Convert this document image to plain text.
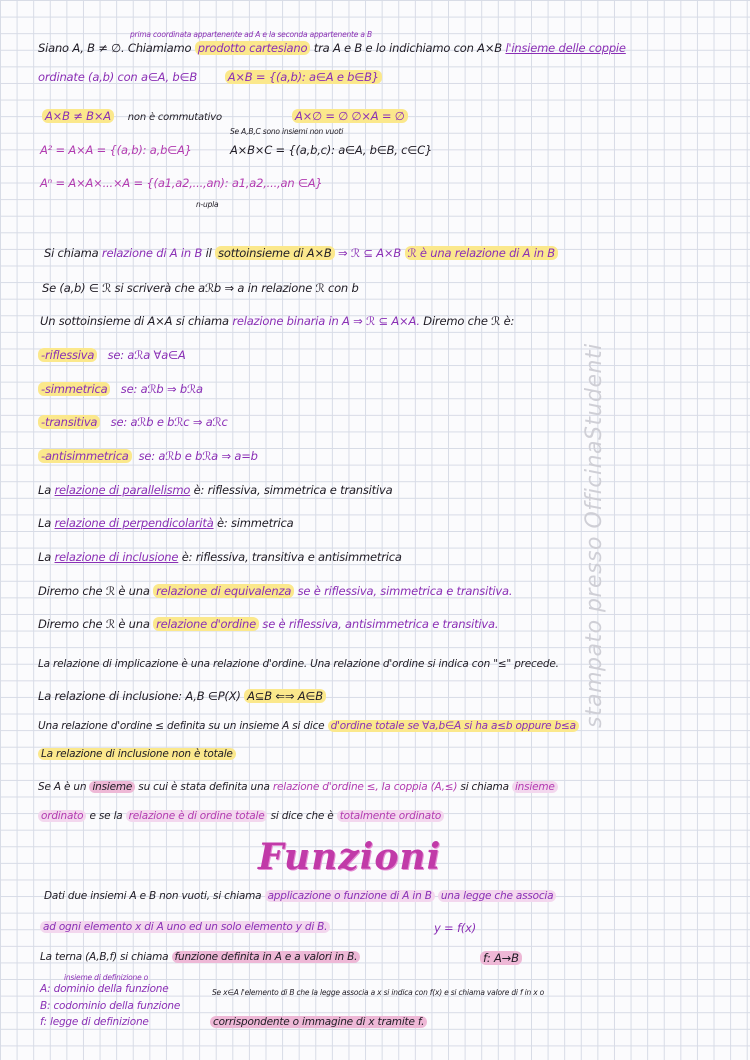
stampato presso OfficinaStudenti
prima coordinata appartenente ad A e la seconda appartenente a B
Siano A, B ≠ ∅. Chiamiamo prodotto cartesiano tra A e B e lo indichiamo con A×B l'insieme delle coppie
ordinate (a,b) con a∈A, b∈B	A×B = {(a,b): a∈A e b∈B}
A×B ≠ B×A non è commutativo	A×∅ = ∅ ∅×A = ∅
Se A,B,C sono insiemi non vuoti
A² = A×A = {(a,b): a,b∈A}	A×B×C = {(a,b,c): a∈A, b∈B, c∈C}
Aⁿ = A×A×...×A = {(a1,a2,...,an): a1,a2,...,an ∈A}
n-upla
Si chiama relazione di A in B il sottoinsieme di A×B ⇒ ℛ ⊆ A×B ℛ è una relazione di A in B
Se (a,b) ∈ ℛ si scriverà che aℛb ⇒ a in relazione ℛ con b
Un sottoinsieme di A×A si chiama relazione binaria in A ⇒ ℛ ⊆ A×A. Diremo che ℛ è:
-riflessiva se: aℛa ∀a∈A
-simmetrica se: aℛb ⇒ bℛa
-transitiva se: aℛb e bℛc ⇒ aℛc
-antisimmetrica se: aℛb e bℛa ⇒ a=b
La relazione di parallelismo è: riflessiva, simmetrica e transitiva
La relazione di perpendicolarità è: simmetrica
La relazione di inclusione è: riflessiva, transitiva e antisimmetrica
Diremo che ℛ è una relazione di equivalenza se è riflessiva, simmetrica e transitiva.
Diremo che ℛ è una relazione d'ordine se è riflessiva, antisimmetrica e transitiva.
La relazione di implicazione è una relazione d'ordine. Una relazione d'ordine si indica con "≤" precede.
La relazione di inclusione: A,B ∈P(X) A⊆B ⇐⇒ A∈B
Una relazione d'ordine ≤ definita su un insieme A si dice d'ordine totale se ∀a,b∈A si ha a≤b oppure b≤a
La relazione di inclusione non è totale
Se A è un insieme su cui è stata definita una relazione d'ordine ≤, la coppia (A,≤) si chiama insieme
ordinato e se la relazione è di ordine totale si dice che è totalmente ordinato
Funzioni
Dati due insiemi A e B non vuoti, si chiama applicazione o funzione di A in B una legge che associa
ad ogni elemento x di A uno ed un solo elemento y di B.	y = f(x)
La terna (A,B,f) si chiama funzione definita in A e a valori in B.	f: A→B
insieme di definizione o
A: dominio della funzione	Se x∈A l'elemento di B che la legge associa a x si indica con f(x) e si chiama valore di f in x o
B: codominio della funzione
f: legge di definizione	corrispondente o immagine di x tramite f.
